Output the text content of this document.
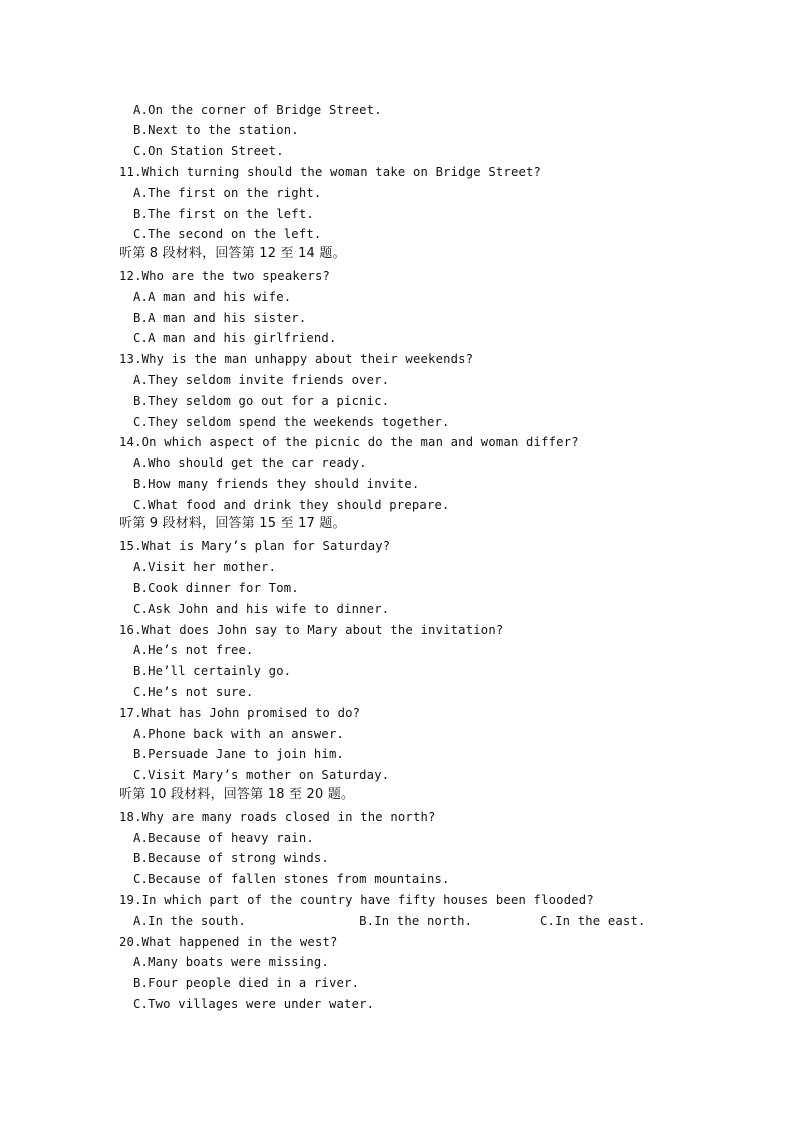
A.On the corner of Bridge Street.
B.Next to the station.
C.On Station Street.
11.Which turning should the woman take on Bridge Street?
A.The first on the right.
B.The first on the left.
C.The second on the left.
听第 8 段材料，回答第 12 至 14 题。
12.Who are the two speakers?
A.A man and his wife.
B.A man and his sister.
C.A man and his girlfriend.
13.Why is the man unhappy about their weekends?
A.They seldom invite friends over.
B.They seldom go out for a picnic.
C.They seldom spend the weekends together.
14.On which aspect of the picnic do the man and woman differ?
A.Who should get the car ready.
B.How many friends they should invite.
C.What food and drink they should prepare.
听第 9 段材料，回答第 15 至 17 题。
15.What is Mary’s plan for Saturday?
A.Visit her mother.
B.Cook dinner for Tom.
C.Ask John and his wife to dinner.
16.What does John say to Mary about the invitation?
A.He’s not free.
B.He’ll certainly go.
C.He’s not sure.
17.What has John promised to do?
A.Phone back with an answer.
B.Persuade Jane to join him.
C.Visit Mary’s mother on Saturday.
听第 10 段材料，回答第 18 至 20 题。
18.Why are many roads closed in the north?
A.Because of heavy rain.
B.Because of strong winds.
C.Because of fallen stones from mountains.
19.In which part of the country have fifty houses been flooded?
A.In the south.               B.In the north.         C.In the east.
20.What happened in the west?
A.Many boats were missing.
B.Four people died in a river.
C.Two villages were under water.
